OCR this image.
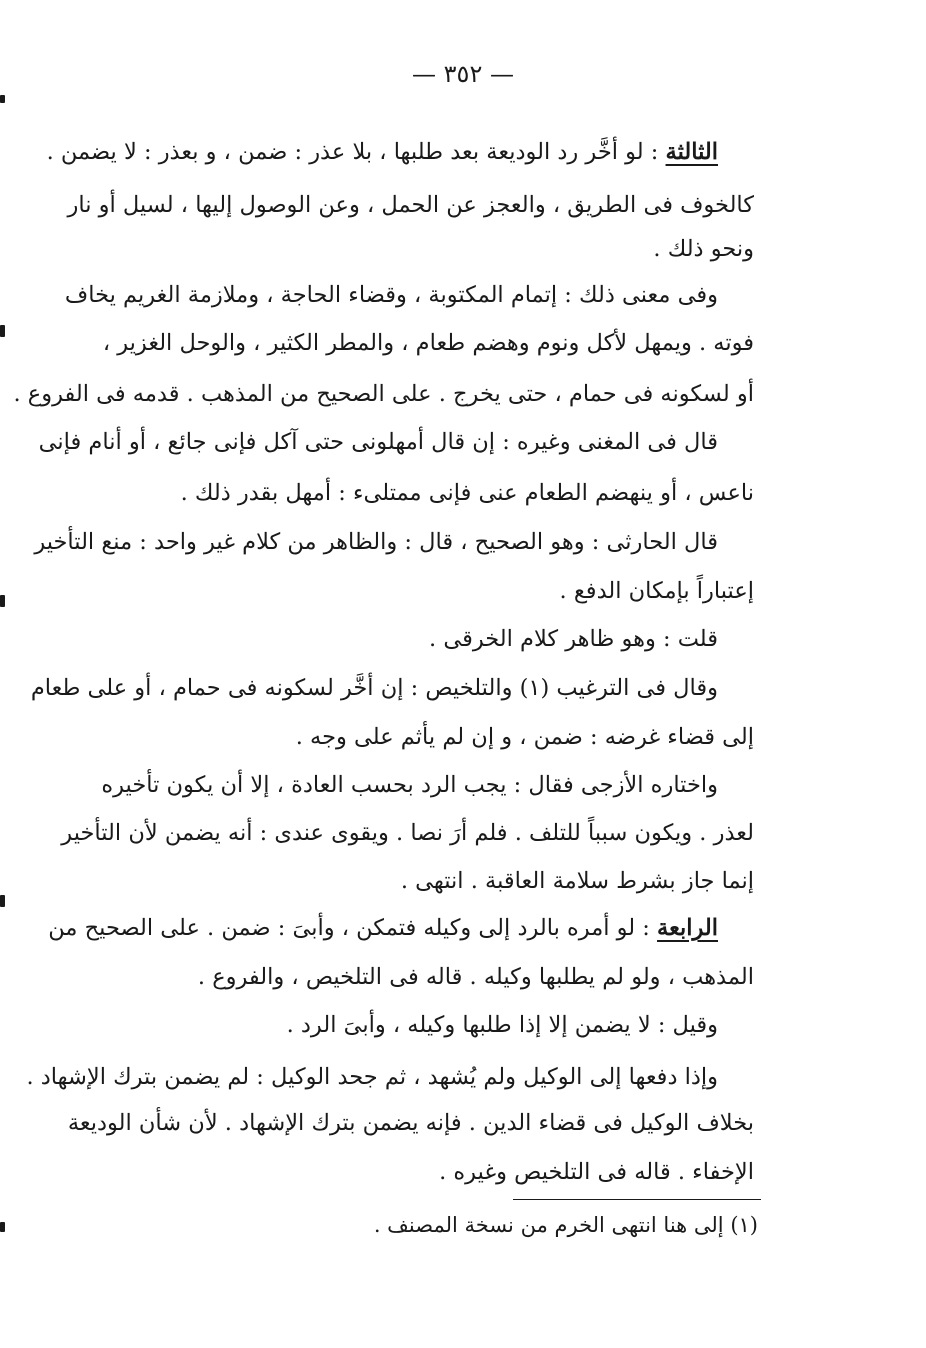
— ٣٥٢ —
الثالثة : لو أخَّر رد الوديعة بعد طلبها ، بلا عذر : ضمن ، و بعذر : لا يضمن .
كالخوف فى الطريق ، والعجز عن الحمل ، وعن الوصول إليها ، لسيل أو نار
ونحو ذلك .
وفى معنى ذلك : إتمام المكتوبة ، وقضاء الحاجة ، وملازمة الغريم يخاف
فوته . ويمهل لأكل ونوم وهضم طعام ، والمطر الكثير ، والوحل الغزير ،
أو لسكونه فى حمام ، حتى يخرج . على الصحيح من المذهب . قدمه فى الفروع .
قال فى المغنى وغيره : إن قال أمهلونى حتى آكل فإنى جائع ، أو أنام فإنى
ناعس ، أو ينهضم الطعام عنى فإنى ممتلىء : أمهل بقدر ذلك .
قال الحارثى : وهو الصحيح ، قال : والظاهر من كلام غير واحد : منع التأخير
إعتباراً بإمكان الدفع .
قلت : وهو ظاهر كلام الخرقى .
وقال فى الترغيب (١) والتلخيص : إن أخَّر لسكونه فى حمام ، أو على طعام
إلى قضاء غرضه : ضمن ، و إن لم يأثم على وجه .
واختاره الأزجى فقال : يجب الرد بحسب العادة ، إلا أن يكون تأخيره
لعذر . ويكون سبباً للتلف . فلم أرَ نصا . ويقوى عندى : أنه يضمن لأن التأخير
إنما جاز بشرط سلامة العاقبة . انتهى .
الرابعة : لو أمره بالرد إلى وكيله فتمكن ، وأبىَ : ضمن . على الصحيح من
المذهب ، ولو لم يطلبها وكيله . قاله فى التلخيص ، والفروع .
وقيل : لا يضمن إلا إذا طلبها وكيله ، وأبىَ الرد .
وإذا دفعها إلى الوكيل ولم يُشهد ، ثم جحد الوكيل : لم يضمن بترك الإشهاد .
بخلاف الوكيل فى قضاء الدين . فإنه يضمن بترك الإشهاد . لأن شأن الوديعة
الإخفاء . قاله فى التلخيص وغيره .
(١) إلى هنا انتهى الخرم من نسخة المصنف .
